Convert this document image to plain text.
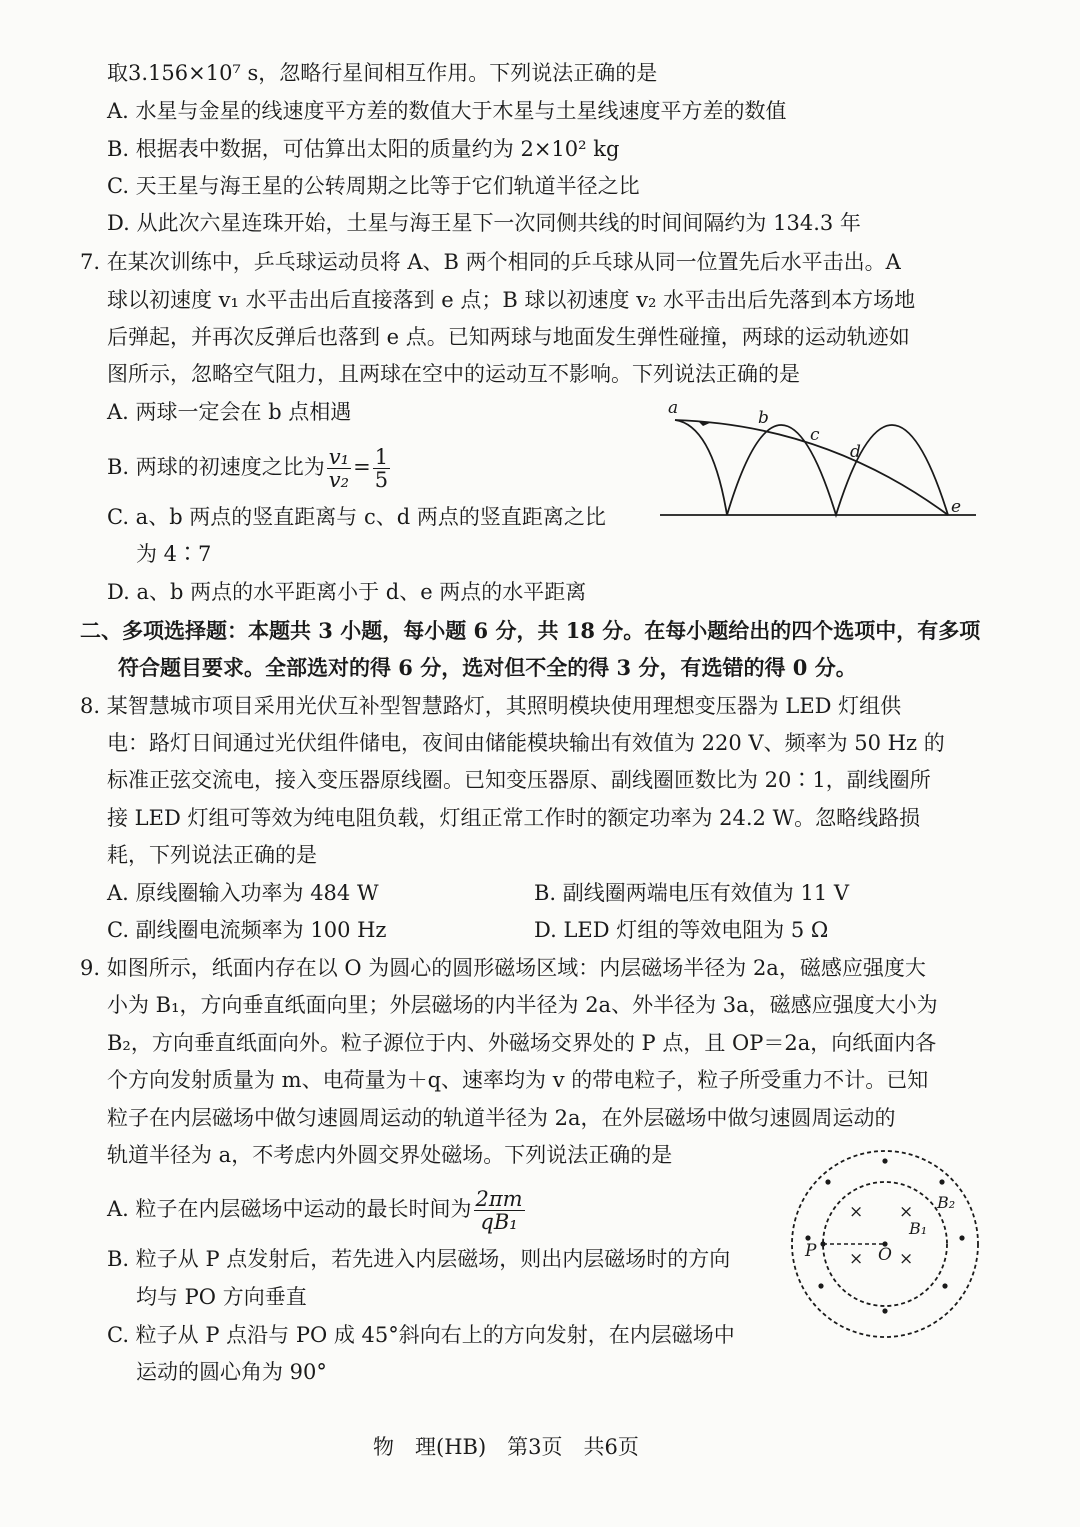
取3.156×10⁷ s，忽略行星间相互作用。下列说法正确的是
A. 水星与金星的线速度平方差的数值大于木星与土星线速度平方差的数值
B. 根据表中数据，可估算出太阳的质量约为 2×10² kg
C. 天王星与海王星的公转周期之比等于它们轨道半径之比
D. 从此次六星连珠开始，土星与海王星下一次同侧共线的时间间隔约为 134.3 年
7. 在某次训练中，乒乓球运动员将 A、B 两个相同的乒乓球从同一位置先后水平击出。A
球以初速度 v₁ 水平击出后直接落到 e 点；B 球以初速度 v₂ 水平击出后先落到本方场地
后弹起，并再次反弹后也落到 e 点。已知两球与地面发生弹性碰撞，两球的运动轨迹如
图所示，忽略空气阻力，且两球在空中的运动互不影响。下列说法正确的是
A. 两球一定会在 b 点相遇
B. 两球的初速度之比为 $\frac{\text{v₁}}{\text{v₂}} = \frac{1}{5}$
C. a、b 两点的竖直距离与 c、d 两点的竖直距离之比
为 4∶7
D. a、b 两点的水平距离小于 d、e 两点的水平距离
a	b
c
d
e
二、多项选择题：本题共 3 小题，每小题 6 分，共 18 分。在每小题给出的四个选项中，有多项
符合题目要求。全部选对的得 6 分，选对但不全的得 3 分，有选错的得 0 分。
8. 某智慧城市项目采用光伏互补型智慧路灯，其照明模块使用理想变压器为 LED 灯组供
电：路灯日间通过光伏组件储电，夜间由储能模块输出有效值为 220 V、频率为 50 Hz 的
标准正弦交流电，接入变压器原线圈。已知变压器原、副线圈匝数比为 20∶1，副线圈所
接 LED 灯组可等效为纯电阻负载，灯组正常工作时的额定功率为 24.2 W。忽略线路损
耗，下列说法正确的是
A. 原线圈输入功率为 484 W	B. 副线圈两端电压有效值为 11 V
C. 副线圈电流频率为 100 Hz	D. LED 灯组的等效电阻为 5 Ω
9. 如图所示，纸面内存在以 O 为圆心的圆形磁场区域：内层磁场半径为 2a，磁感应强度大
小为 B₁，方向垂直纸面向里；外层磁场的内半径为 2a、外半径为 3a，磁感应强度大小为
B₂，方向垂直纸面向外。粒子源位于内、外磁场交界处的 P 点，且 OP＝2a，向纸面内各
个方向发射质量为 m、电荷量为＋q、速率均为 v 的带电粒子，粒子所受重力不计。已知
粒子在内层磁场中做匀速圆周运动的轨道半径为 2a，在外层磁场中做匀速圆周运动的
轨道半径为 a，不考虑内外圆交界处磁场。下列说法正确的是
A. 粒子在内层磁场中运动的最长时间为 $\frac{2\pi m}{\text{qB₁}}$
B. 粒子从 P 点发射后，若先进入内层磁场，则出内层磁场时的方向
均与 PO 方向垂直
C. 粒子从 P 点沿与 PO 成 45°斜向右上的方向发射，在内层磁场中
运动的圆心角为 90°
× ×
× ×
P	O
B₁
B₂
物　理(HB)　第3页　共6页
